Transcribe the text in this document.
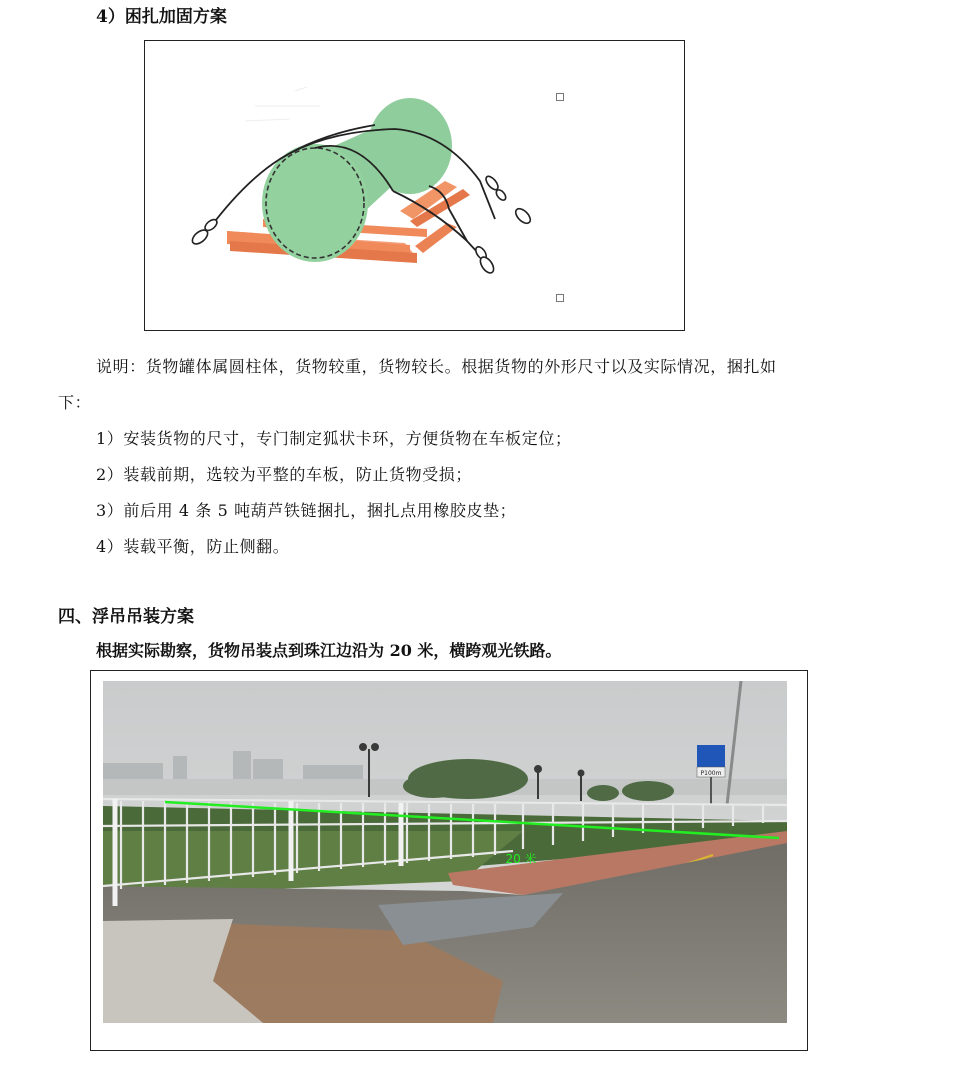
4）困扎加固方案
说明：货物罐体属圆柱体，货物较重，货物较长。根据货物的外形尺寸以及实际情况，捆扎如
下：
1）安装货物的尺寸，专门制定狐状卡环，方便货物在车板定位；
2）装载前期，选较为平整的车板，防止货物受损；
3）前后用 4 条 5 吨葫芦铁链捆扎，捆扎点用橡胶皮垫；
4）装载平衡，防止侧翻。
四、浮吊吊装方案
根据实际勘察，货物吊装点到珠江边沿为 20 米，横跨观光铁路。
P100m
20 米
